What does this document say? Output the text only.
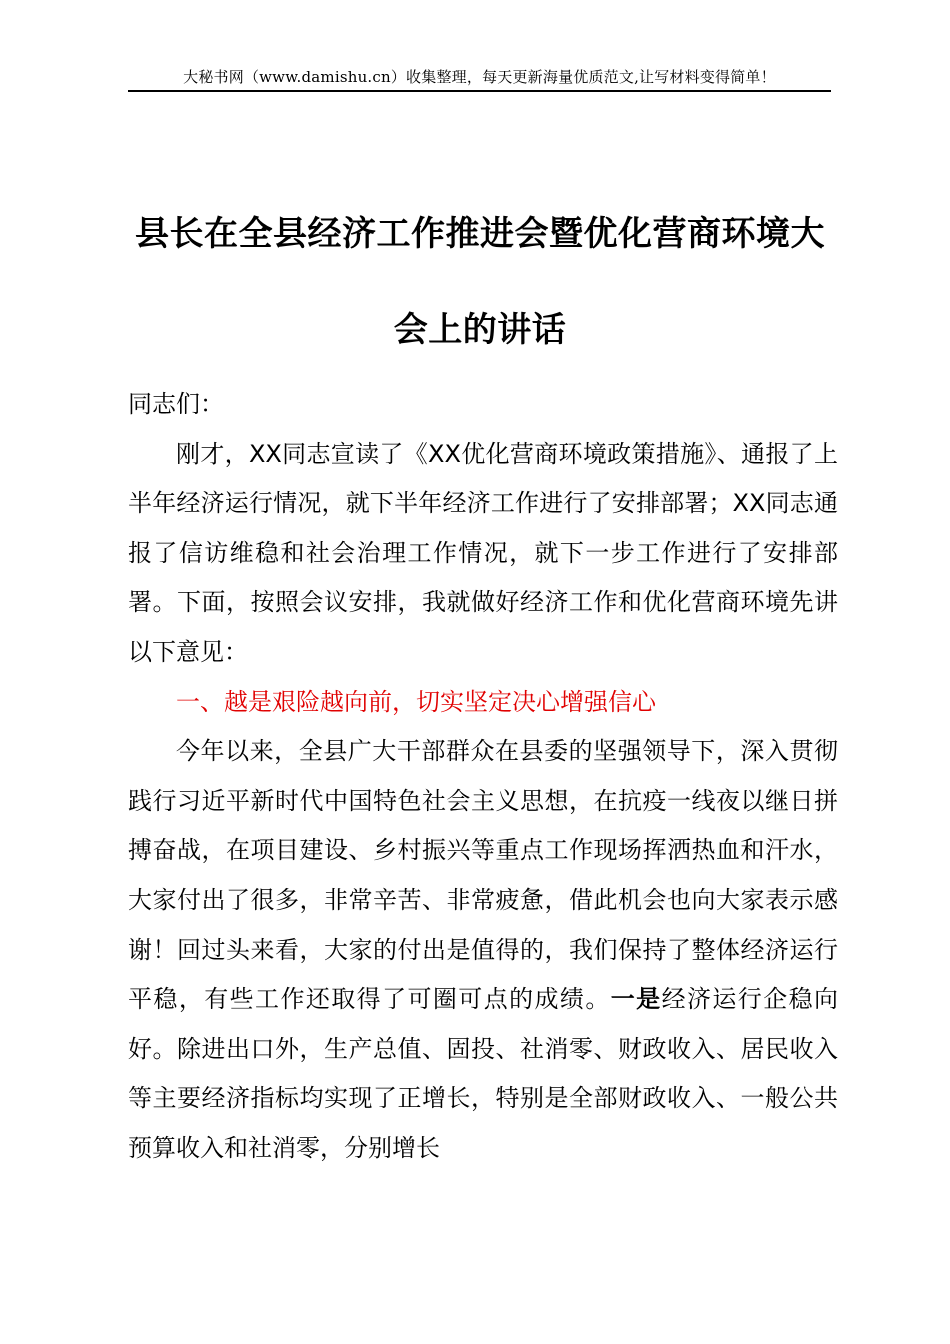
大秘书网（www.damishu.cn）收集整理，每天更新海量优质范文,让写材料变得简单！
县长在全县经济工作推进会暨优化营商环境大
会上的讲话

同志们：

刚才，XX同志宣读了《XX优化营商环境政策措施》、通报了上半年经济运行情况，就下半年经济工作进行了安排部署；XX同志通报了信访维稳和社会治理工作情况，就下一步工作进行了安排部署。下面，按照会议安排，我就做好经济工作和优化营商环境先讲以下意见：

一、越是艰险越向前，切实坚定决心增强信心

今年以来，全县广大干部群众在县委的坚强领导下，深入贯彻践行习近平新时代中国特色社会主义思想，在抗疫一线夜以继日拼搏奋战，在项目建设、乡村振兴等重点工作现场挥洒热血和汗水，大家付出了很多，非常辛苦、非常疲惫，借此机会也向大家表示感谢！回过头来看，大家的付出是值得的，我们保持了整体经济运行平稳，有些工作还取得了可圈可点的成绩。一是经济运行企稳向好。除进出口外，生产总值、固投、社消零、财政收入、居民收入等主要经济指标均实现了正增长，特别是全部财政收入、一般公共预算收入和社消零，分别增长
